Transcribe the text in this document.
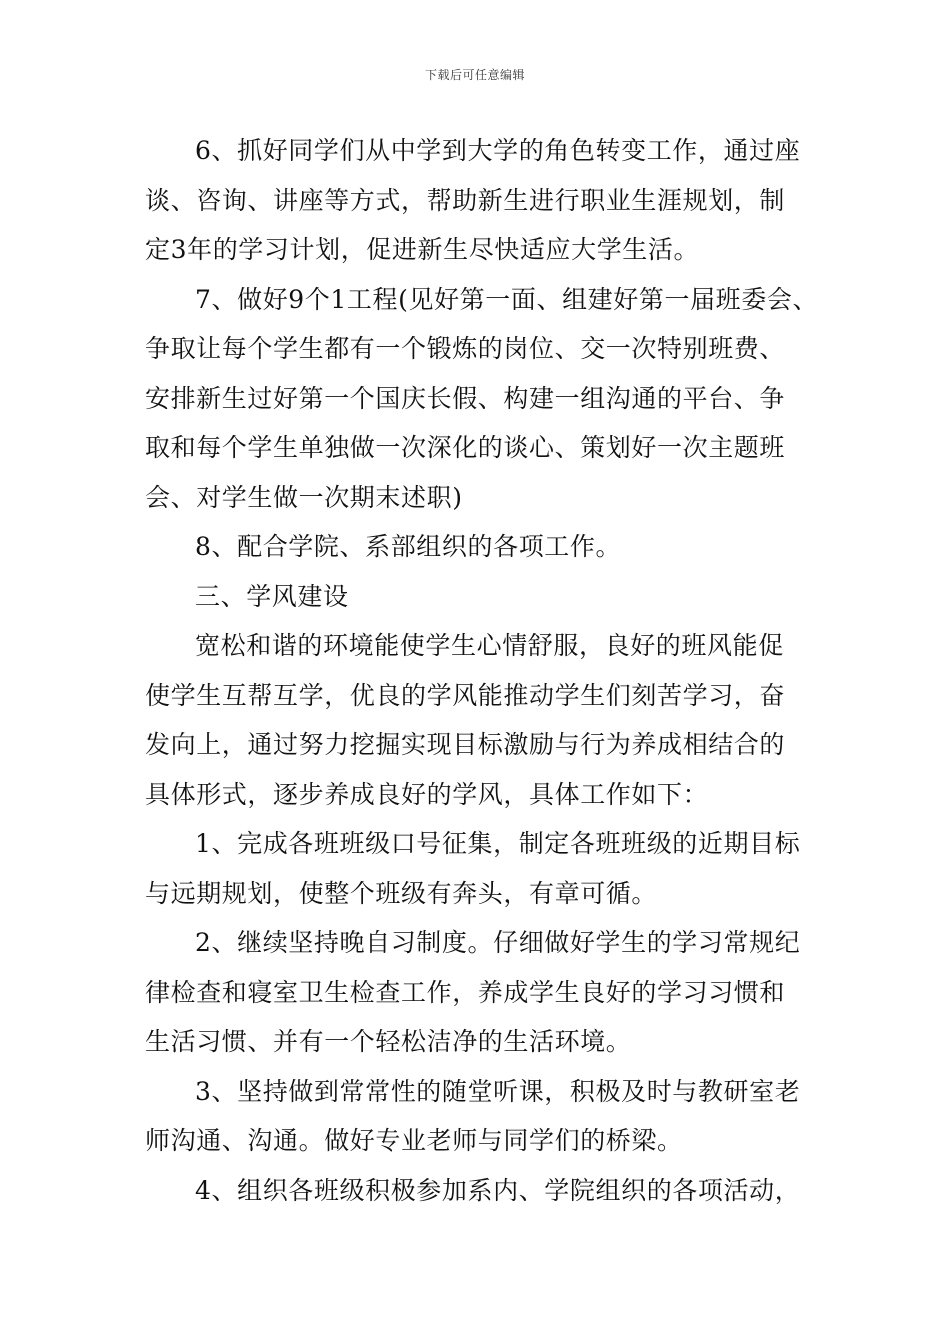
下载后可任意编辑

6、抓好同学们从中学到大学的角色转变工作，通过座
谈、咨询、讲座等方式，帮助新生进行职业生涯规划，制
定3年的学习计划，促进新生尽快适应大学生活。

7、做好9个1工程(见好第一面、组建好第一届班委会、
争取让每个学生都有一个锻炼的岗位、交一次特别班费、
安排新生过好第一个国庆长假、构建一组沟通的平台、争
取和每个学生单独做一次深化的谈心、策划好一次主题班
会、对学生做一次期末述职)

8、配合学院、系部组织的各项工作。

三、学风建设

宽松和谐的环境能使学生心情舒服，良好的班风能促
使学生互帮互学，优良的学风能推动学生们刻苦学习，奋
发向上，通过努力挖掘实现目标激励与行为养成相结合的
具体形式，逐步养成良好的学风，具体工作如下：

1、完成各班班级口号征集，制定各班班级的近期目标
与远期规划，使整个班级有奔头，有章可循。

2、继续坚持晚自习制度。仔细做好学生的学习常规纪
律检查和寝室卫生检查工作，养成学生良好的学习习惯和
生活习惯、并有一个轻松洁净的生活环境。

3、坚持做到常常性的随堂听课，积极及时与教研室老
师沟通、沟通。做好专业老师与同学们的桥梁。

4、组织各班级积极参加系内、学院组织的各项活动，
